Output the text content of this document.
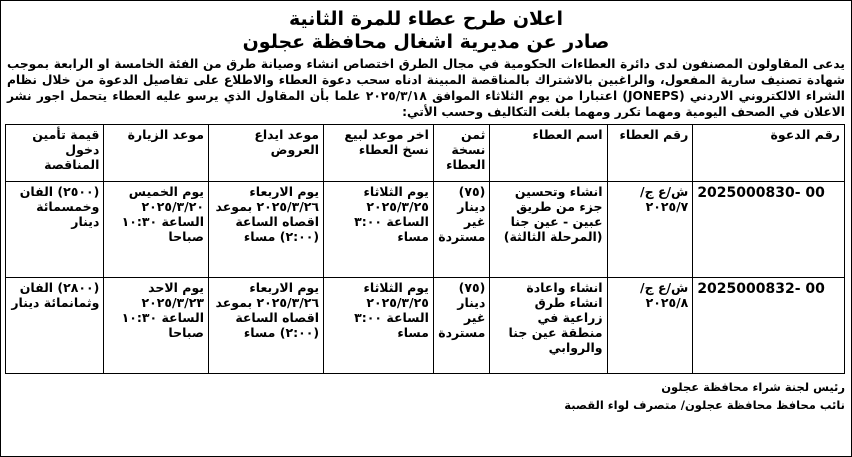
اعلان طرح عطاء للمرة الثانية
صادر عن مديرية اشغال محافظة عجلون
يدعى المقاولون المصنفون لدى دائرة العطاءات الحكومية في مجال الطرق اختصاص انشاء وصيانة طرق من الفئة الخامسة او الرابعة بموجب شهادة تصنيف سارية المفعول، والراغبين بالاشتراك بالمناقصة المبينة ادناه سحب دعوة العطاء والاطلاع على تفاصيل الدعوة من خلال نظام الشراء الالكتروني الاردني (JONEPS) اعتبارا من يوم الثلاثاء الموافق ٢٠٢٥/٣/١٨ علما بأن المقاول الذي يرسو عليه العطاء يتحمل اجور نشر الاعلان في الصحف اليومية ومهما تكرر ومهما بلغت التكاليف وحسب الأتي:
رقم الدعوة	رقم العطاء	اسم العطاء	ثمن نسخة العطاء	اخر موعد لبيع نسخ العطاء	موعد ايداع العروض	موعد الزيارة	قيمة تأمين دخول المناقصة
2025000830- 00	ش/ع ج/٢٠٢٥/٧	انشاء وتحسين جزء من طريق عبين - عين جنا (المرحلة الثالثة)	(٧٥) دينار غير مستردة	يوم الثلاثاء ٢٠٢٥/٣/٢٥ الساعة ٣:٠٠ مساء	يوم الاربعاء ٢٠٢٥/٣/٢٦ بموعد اقصاه الساعة (٢:٠٠) مساء	يوم الخميس ٢٠٢٥/٣/٢٠ الساعة ١٠:٣٠ صباحا	(٢٥٠٠) الفان وخمسمائة دينار
2025000832- 00	ش/ع ج/٢٠٢٥/٨	انشاء واعادة انشاء طرق زراعية في منطقة عين جنا والروابي	(٧٥) دينار غير مستردة	يوم الثلاثاء ٢٠٢٥/٣/٢٥ الساعة ٣:٠٠ مساء	يوم الاربعاء ٢٠٢٥/٣/٢٦ بموعد اقصاه الساعة (٢:٠٠) مساء	يوم الاحد ٢٠٢٥/٣/٢٣ الساعة ١٠:٣٠ صباحا	(٢٨٠٠) الفان وثمانمائة دينار
رئيس لجنة شراء محافظة عجلون
نائب محافظ محافظة عجلون/ متصرف لواء القصبة
